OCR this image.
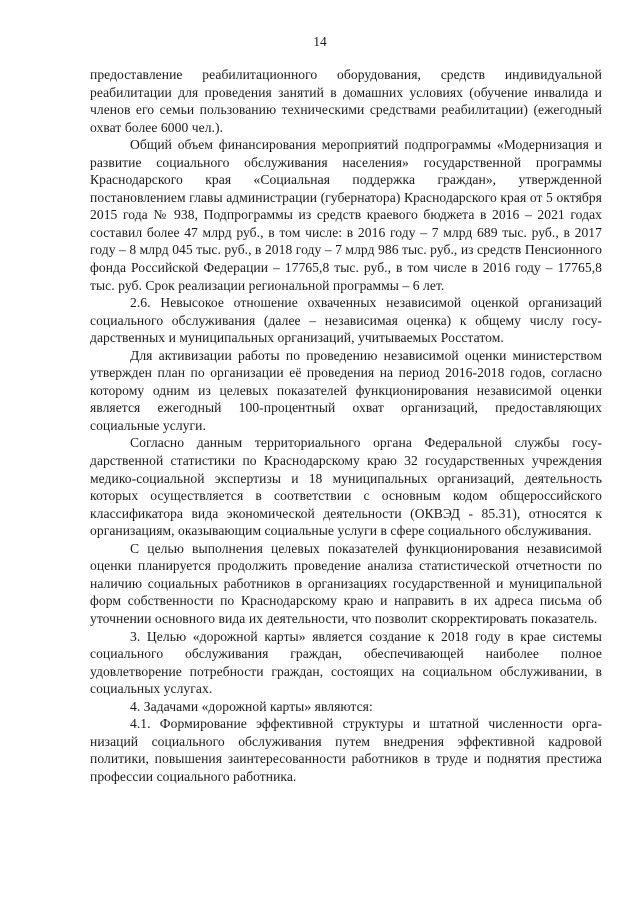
14

предоставление реабилитационного оборудования, средств индивидуальной реабилитации для проведения занятий в домашних условиях (обучение инвалида и членов его семьи пользованию техническими средствами реабилитации) (ежегодный охват более 6000 чел.).

Общий объем финансирования мероприятий подпрограммы «Модернизация и развитие социального обслуживания населения» государственной программы Краснодарского края «Социальная поддержка граждан», утвержденной постановлением главы администрации (губернатора) Краснодарского края от 5 октября 2015 года № 938, Подпрограммы из средств краевого бюджета в 2016 – 2021 годах составил более 47 млрд руб., в том числе: в 2016 году – 7 млрд 689 тыс. руб., в 2017 году – 8 млрд 045 тыс. руб., в 2018 году – 7 млрд 986 тыс. руб., из средств Пенсионного фонда Российской Федерации – 17765,8 тыс. руб., в том числе в 2016 году – 17765,8 тыс. руб. Срок реализации региональной программы – 6 лет.

2.6. Невысокое отношение охваченных независимой оценкой организаций социального обслуживания (далее – независимая оценка) к общему числу государственных и муниципальных организаций, учитываемых Росстатом.

Для активизации работы по проведению независимой оценки министерством утвержден план по организации её проведения на период 2016-2018 годов, согласно которому одним из целевых показателей функционирования независимой оценки является ежегодный 100-процентный охват организаций, предоставляющих социальные услуги.

Согласно данным территориального органа Федеральной службы государственной статистики по Краснодарскому краю 32 государственных учреждения медико-социальной экспертизы и 18 муниципальных организаций, деятельность которых осуществляется в соответствии с основным кодом общероссийского классификатора вида экономической деятельности (ОКВЭД - 85.31), относятся к организациям, оказывающим социальные услуги в сфере социального обслуживания.

С целью выполнения целевых показателей функционирования независимой оценки планируется продолжить проведение анализа статистической отчетности по наличию социальных работников в организациях государственной и муниципальной форм собственности по Краснодарскому краю и направить в их адреса письма об уточнении основного вида их деятельности, что позволит скорректировать показатель.

3. Целью «дорожной карты» является создание к 2018 году в крае системы социального обслуживания граждан, обеспечивающей наиболее полное удовлетворение потребности граждан, состоящих на социальном обслуживании, в социальных услугах.

4. Задачами «дорожной карты» являются:

4.1. Формирование эффективной структуры и штатной численности организаций социального обслуживания путем внедрения эффективной кадровой политики, повышения заинтересованности работников в труде и поднятия престижа профессии социального работника.
